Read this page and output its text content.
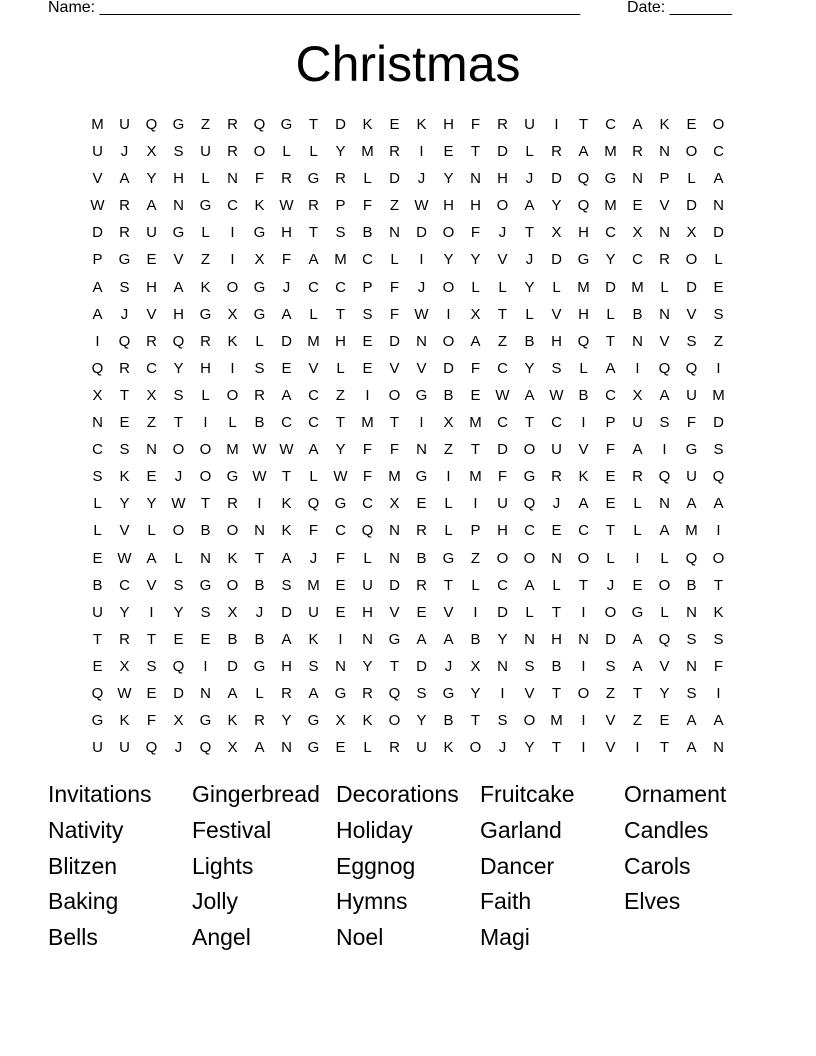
Name: ______________________________________________________	Date: _______
Christmas
M	U	Q	G	Z	R	Q	G	T	D	K	E	K	H	F	R	U	I	T	C	A	K	E	O
U	J	X	S	U	R	O	L	L	Y	M	R	I	E	T	D	L	R	A	M	R	N	O	C
V	A	Y	H	L	N	F	R	G	R	L	D	J	Y	N	H	J	D	Q	G	N	P	L	A
W R	A	N	G	C	K W R	P	F	Z	W H	H	O	A	Y	Q M	E	V	D	N
D	R	U	G	L	I	G	H	T	S	B	N	D	O	F	J	T	X	H	C	X	N	X	D
P	G	E	V	Z	I	X	F	A	M	C	L	I	Y	Y	V	J	D	G	Y	C	R	O	L
A	S	H	A	K	O	G	J	C	C	P	F	J	O	L	L	Y	L	M	D	M	L	D	E
A	J	V	H	G	X	G	A	L	T	S	F	W	I	X	T	L	V	H	L	B	N	V	S
I	Q	R	Q	R	K	L	D	M	H	E	D	N	O	A	Z	B	H	Q	T	N	V	S	Z
Q	R	C	Y	H	I	S	E	V	L	E	V	V	D	F	C	Y	S	L	A	I	Q	Q	I
X	T	X	S	L	O	R	A	C	Z	I	O	G	B	E W A W B	C	X	A	U	M
N	E	Z	T	I	L	B	C	C	T	M	T	I	X	M	C	T	C	I	P	U	S	F	D
C	S	N	O	O M W W A	Y	F	F	N	Z	T	D	O	U	V	F	A	I	G	S
S	K	E	J	O	G W	T	L	W	F	M G	I	M	F	G	R	K	E	R	Q	U	Q
L	Y	Y W	T	R	I	K	Q	G	C	X	E	L	I	U	Q	J	A	E	L	N	A	A
L	V	L	O	B	O	N	K	F	C	Q	N	R	L	P	H	C	E	C	T	L	A	M	I
E W A	L	N	K	T	A	J	F	L	N	B	G	Z	O	O	N	O	L	I	L	Q	O
B	C	V	S	G	O	B	S	M	E	U	D	R	T	L	C	A	L	T	J	E	O	B	T
U	Y	I	Y	S	X	J	D	U	E	H	V	E	V	I	D	L	T	I	O	G	L	N	K
T	R	T	E	E	B	B	A	K	I	N	G	A	A	B	Y	N	H	N	D	A	Q	S	S
E	X	S	Q	I	D	G	H	S	N	Y	T	D	J	X	N	S	B	I	S	A	V	N	F
Q W E	D	N	A	L	R	A	G	R	Q	S	G	Y	I	V	T	O	Z	T	Y	S	I
G	K	F	X	G	K	R	Y	G	X	K	O	Y	B	T	S	O M	I	V	Z	E	A	A
U	U	Q	J	Q	X	A	N	G	E	L	R	U	K	O	J	Y	T	I	V	I	T	A	N
Invitations	Gingerbread Decorations Fruitcake	Ornament
Nativity	Festival	Holiday	Garland	Candles
Blitzen	Lights	Eggnog	Dancer	Carols
Baking	Jolly	Hymns	Faith	Elves
Bells	Angel	Noel	Magi
